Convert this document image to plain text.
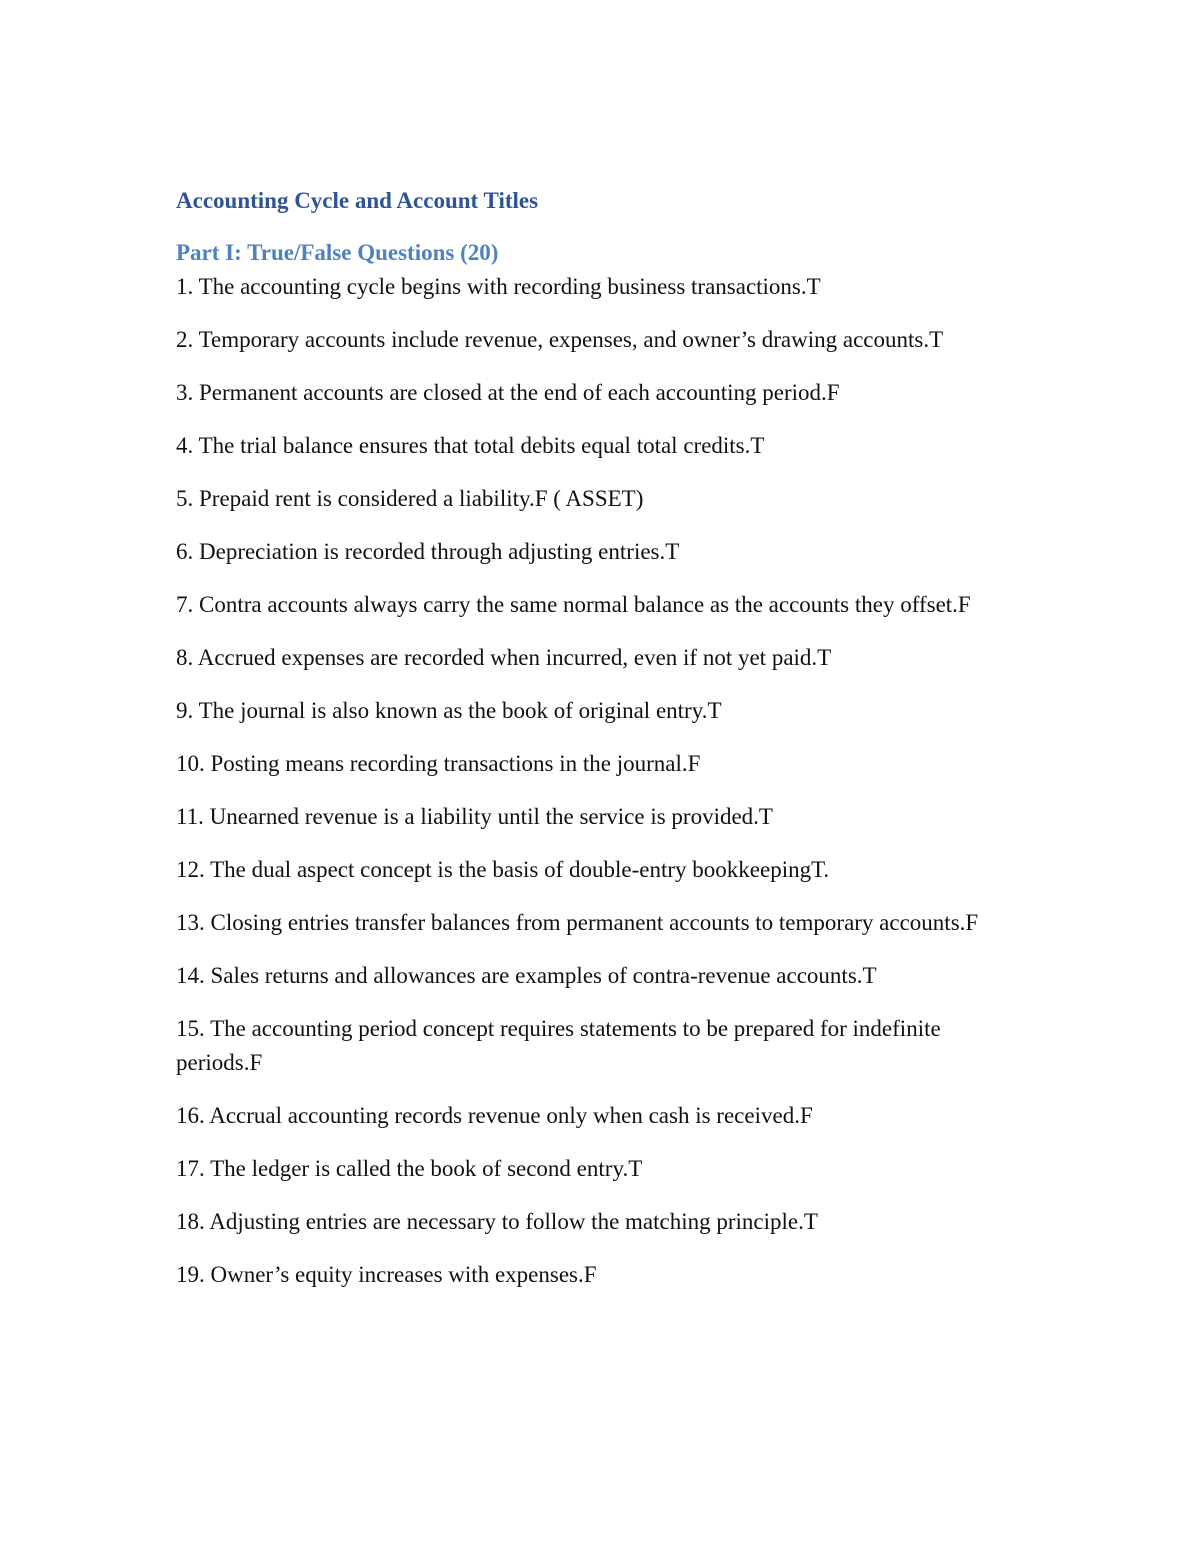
Accounting Cycle and Account Titles
Part I: True/False Questions (20)
1. The accounting cycle begins with recording business transactions.T
2. Temporary accounts include revenue, expenses, and owner’s drawing accounts.T
3. Permanent accounts are closed at the end of each accounting period.F
4. The trial balance ensures that total debits equal total credits.T
5. Prepaid rent is considered a liability.F ( ASSET)
6. Depreciation is recorded through adjusting entries.T
7. Contra accounts always carry the same normal balance as the accounts they offset.F
8. Accrued expenses are recorded when incurred, even if not yet paid.T
9. The journal is also known as the book of original entry.T
10. Posting means recording transactions in the journal.F
11. Unearned revenue is a liability until the service is provided.T
12. The dual aspect concept is the basis of double-entry bookkeepingT.
13. Closing entries transfer balances from permanent accounts to temporary accounts.F
14. Sales returns and allowances are examples of contra-revenue accounts.T
15. The accounting period concept requires statements to be prepared for indefinite periods.F
16. Accrual accounting records revenue only when cash is received.F
17. The ledger is called the book of second entry.T
18. Adjusting entries are necessary to follow the matching principle.T
19. Owner’s equity increases with expenses.F
